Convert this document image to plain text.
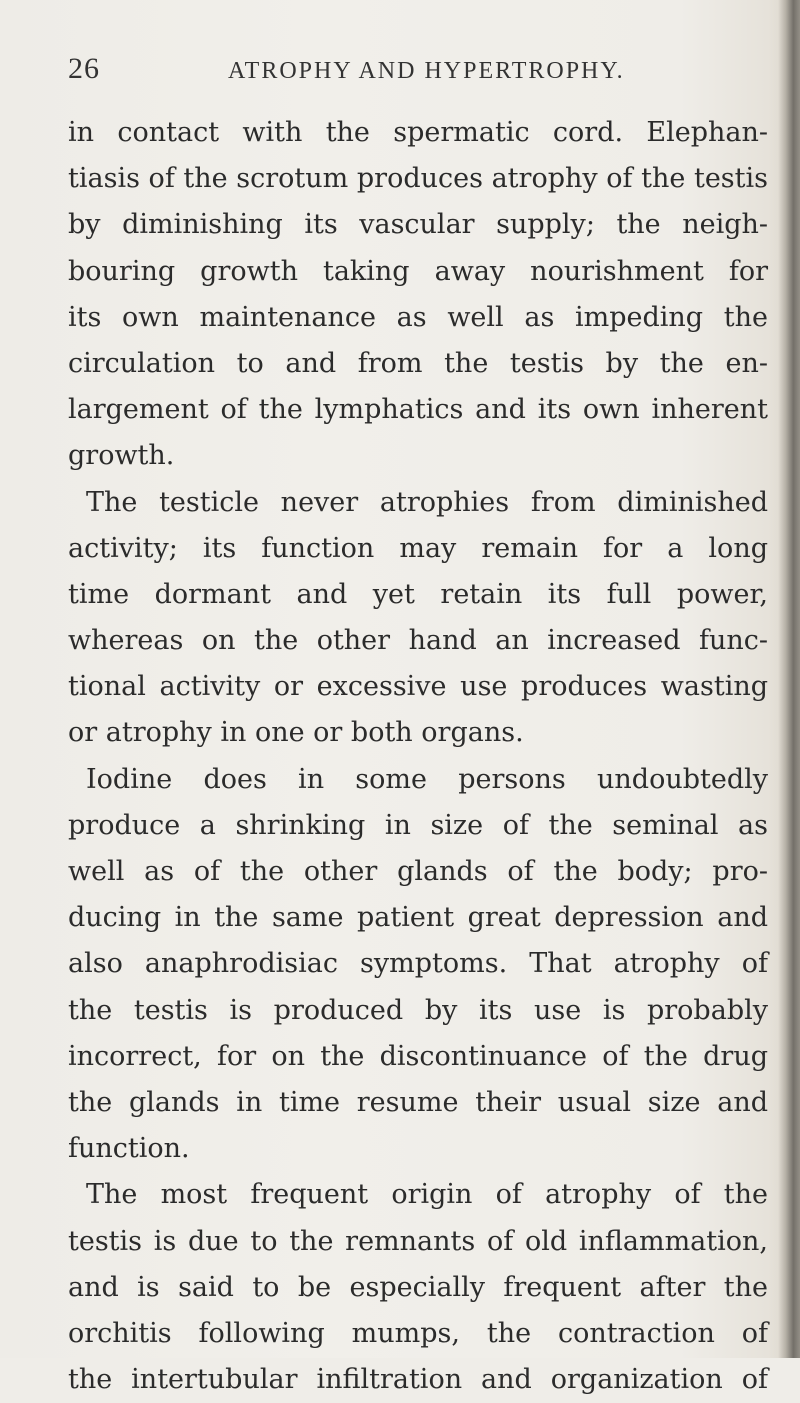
26	ATROPHY AND HYPERTROPHY.
in contact with the spermatic cord. Elephan-
tiasis of the scrotum produces atrophy of the testis
by diminishing its vascular supply; the neigh-
bouring growth taking away nourishment for
its own maintenance as well as impeding the
circulation to and from the testis by the en-
largement of the lymphatics and its own inherent
growth.
The testicle never atrophies from diminished
activity; its function may remain for a long
time dormant and yet retain its full power,
whereas on the other hand an increased func-
tional activity or excessive use produces wasting
or atrophy in one or both organs.
Iodine does in some persons undoubtedly
produce a shrinking in size of the seminal as
well as of the other glands of the body; pro-
ducing in the same patient great depression and
also anaphrodisiac symptoms. That atrophy of
the testis is produced by its use is probably
incorrect, for on the discontinuance of the drug
the glands in time resume their usual size and
function.
The most frequent origin of atrophy of the
testis is due to the remnants of old inflammation,
and is said to be especially frequent after the
orchitis following mumps, the contraction of
the intertubular infiltration and organization of
